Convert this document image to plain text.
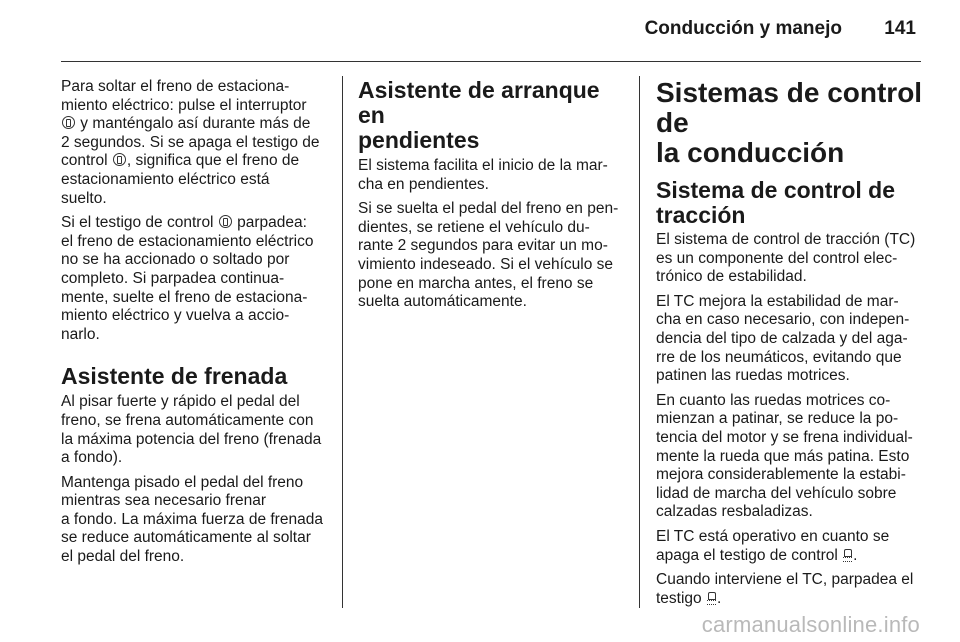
Conducción y manejo 141

Para soltar el freno de estaciona-
miento eléctrico: pulse el interruptor
y manténgalo así durante más de
2 segundos. Si se apaga el testigo de
control , significa que el freno de
estacionamiento eléctrico está
suelto.

Si el testigo de control  parpadea:
el freno de estacionamiento eléctrico
no se ha accionado o soltado por
completo. Si parpadea continua-
mente, suelte el freno de estaciona-
miento eléctrico y vuelva a accio-
narlo.

Asistente de frenada

Al pisar fuerte y rápido el pedal del
freno, se frena automáticamente con
la máxima potencia del freno (frenada
a fondo).

Mantenga pisado el pedal del freno
mientras sea necesario frenar
a fondo. La máxima fuerza de frenada
se reduce automáticamente al soltar
el pedal del freno.

Asistente de arranque en
pendientes

El sistema facilita el inicio de la mar-
cha en pendientes.

Si se suelta el pedal del freno en pen-
dientes, se retiene el vehículo du-
rante 2 segundos para evitar un mo-
vimiento indeseado. Si el vehículo se
pone en marcha antes, el freno se
suelta automáticamente.

Sistemas de control de
la conducción
Sistema de control de
tracción

El sistema de control de tracción (TC)
es un componente del control elec-
trónico de estabilidad.

El TC mejora la estabilidad de mar-
cha en caso necesario, con indepen-
dencia del tipo de calzada y del aga-
rre de los neumáticos, evitando que
patinen las ruedas motrices.

En cuanto las ruedas motrices co-
mienzan a patinar, se reduce la po-
tencia del motor y se frena individual-
mente la rueda que más patina. Esto
mejora considerablemente la estabi-
lidad de marcha del vehículo sobre
calzadas resbaladizas.

El TC está operativo en cuanto se
apaga el testigo de control .

Cuando interviene el TC, parpadea el
testigo .

carmanualsonline.info
